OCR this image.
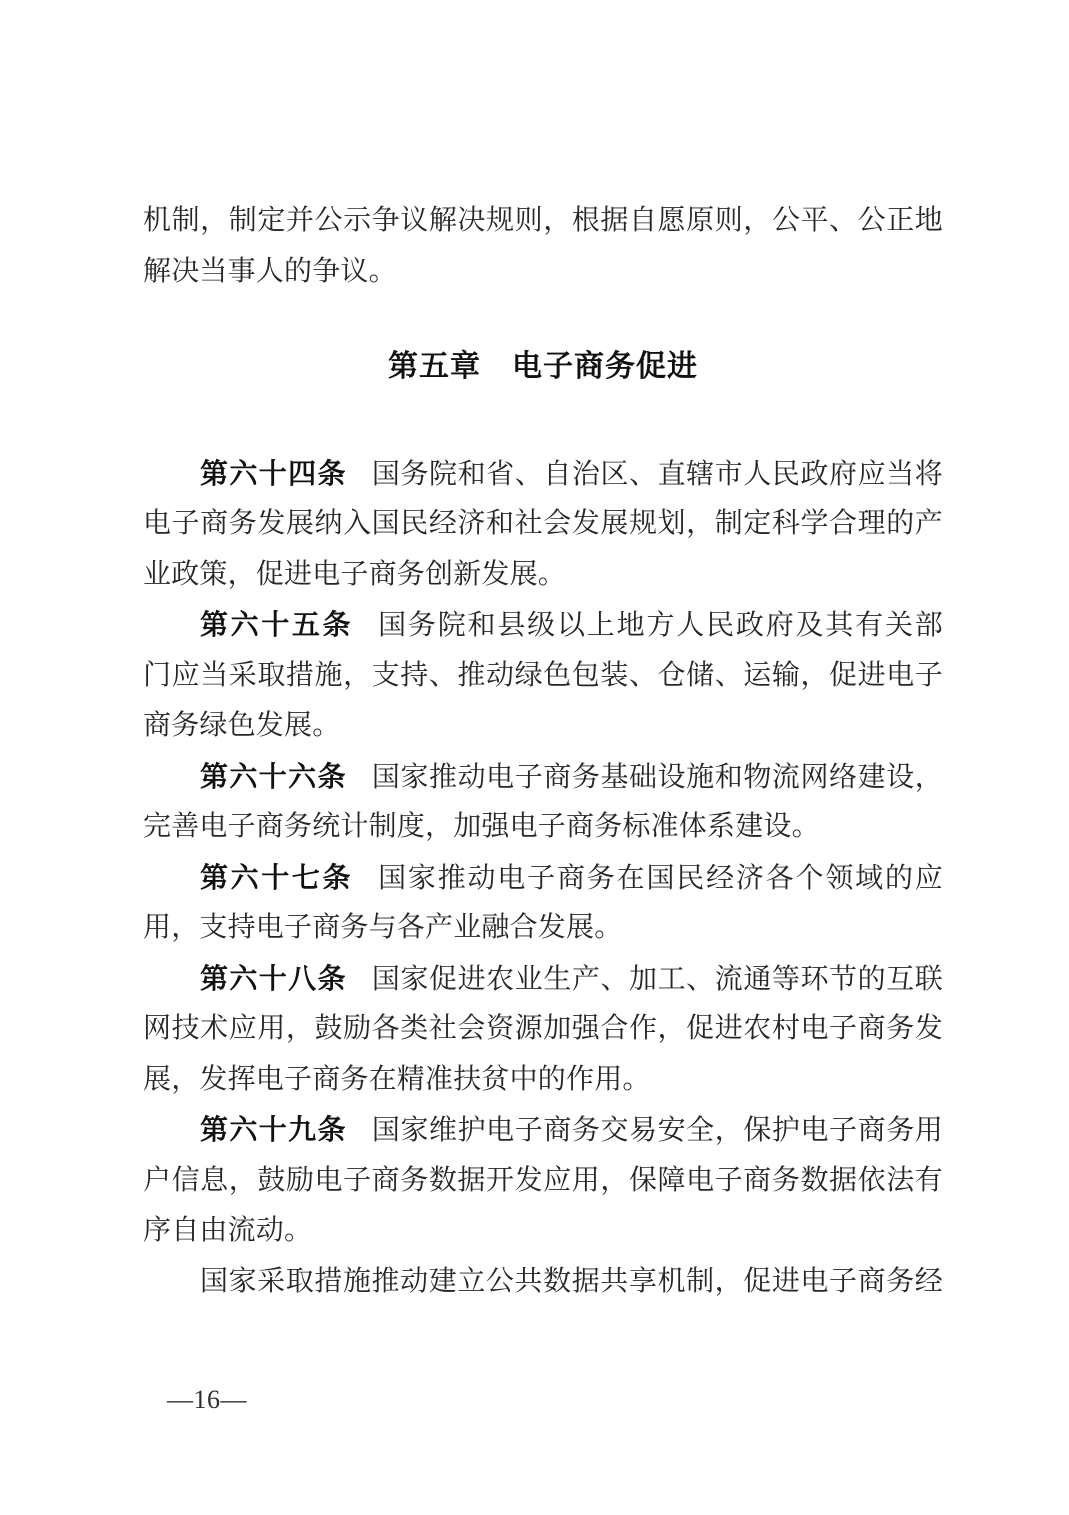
机制，制定并公示争议解决规则，根据自愿原则，公平、公正地
解决当事人的争议。
第五章　电子商务促进
第六十四条 国务院和省、自治区、直辖市人民政府应当将
电子商务发展纳入国民经济和社会发展规划，制定科学合理的产
业政策，促进电子商务创新发展。
第六十五条 国务院和县级以上地方人民政府及其有关部
门应当采取措施，支持、推动绿色包装、仓储、运输，促进电子
商务绿色发展。
第六十六条 国家推动电子商务基础设施和物流网络建设，
完善电子商务统计制度，加强电子商务标准体系建设。
第六十七条 国家推动电子商务在国民经济各个领域的应
用，支持电子商务与各产业融合发展。
第六十八条 国家促进农业生产、加工、流通等环节的互联
网技术应用，鼓励各类社会资源加强合作，促进农村电子商务发
展，发挥电子商务在精准扶贫中的作用。
第六十九条 国家维护电子商务交易安全，保护电子商务用
户信息，鼓励电子商务数据开发应用，保障电子商务数据依法有
序自由流动。
国家采取措施推动建立公共数据共享机制，促进电子商务经
—16—
